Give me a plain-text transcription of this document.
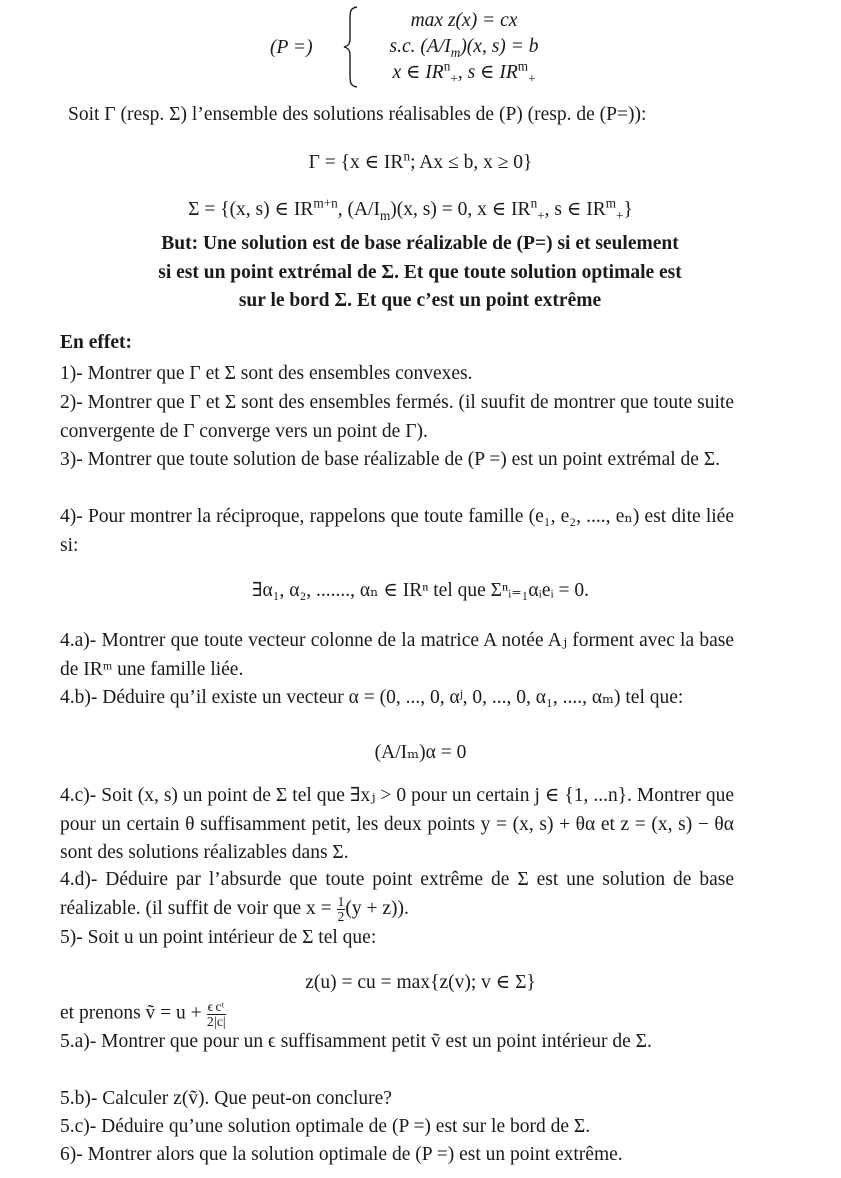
(P =)
max z(x) = cx
s.c. $(A/I_m)(x$, s) = b
x ∈ $IR^n_+$, s ∈ $IR^m_+$
Soit Γ (resp. Σ) l’ensemble des solutions réalisables de (P) (resp. de (P=)):
Γ = {x ∈ $IR^n$; Ax ≤ b, x ≥ 0}
Σ = {(x, s) ∈ $IR^{m+n}$, $(A/I_m)(x$, s) = 0, x ∈ $IR^n_+$, s ∈ $IR^m_+$}
But: Une solution est de base réalizable de (P=) si et seulement
si est un point extrémal de Σ. Et que toute solution optimale est
sur le bord Σ. Et que c’est un point extrême
En effet:
1)- Montrer que Γ et Σ sont des ensembles convexes.
2)- Montrer que Γ et Σ sont des ensembles fermés. (il suufit de montrer que toute suite convergente de Γ converge vers un point de Γ).
3)- Montrer que toute solution de base réalizable de (P =) est un point extrémal de Σ.
4)- Pour montrer la réciproque, rappelons que toute famille (e₁, e₂, ...., eₙ) est dite liée si:
∃α₁, α₂, ......., αₙ ∈ IRⁿ tel que Σⁿᵢ₌₁αᵢeᵢ = 0.
4.a)- Montrer que toute vecteur colonne de la matrice A notée Aⱼ forment avec la base de IRᵐ une famille liée.
4.b)- Déduire qu’il existe un vecteur α = (0, ..., 0, αʲ, 0, ..., 0, α₁, ...., αₘ) tel que:
(A/Iₘ)α = 0
4.c)- Soit (x, s) un point de Σ tel que ∃xⱼ > 0 pour un certain j ∈ {1, ...n}. Montrer que pour un certain θ suffisamment petit, les deux points y = (x, s) + θα et z = (x, s) − θα sont des solutions réalizables dans Σ.
4.d)- Déduire par l’absurde que toute point extrême de Σ est une solution de base réalizable. (il suffit de voir que $x = \frac{1}{2} (y + z)$).
5)- Soit u un point intérieur de Σ tel que:
z(u) = cu = max{z(v); v ∈ Σ}
et prenons ṽ = $u + \frac{\epsilon}{2} \frac{\text{cᵗ}}{|c|}$
5.a)- Montrer que pour un ϵ suffisamment petit ṽ est un point intérieur de Σ.
5.b)- Calculer z(ṽ). Que peut-on conclure?
5.c)- Déduire qu’une solution optimale de (P =) est sur le bord de Σ.
6)- Montrer alors que la solution optimale de (P =) est un point extrême.
